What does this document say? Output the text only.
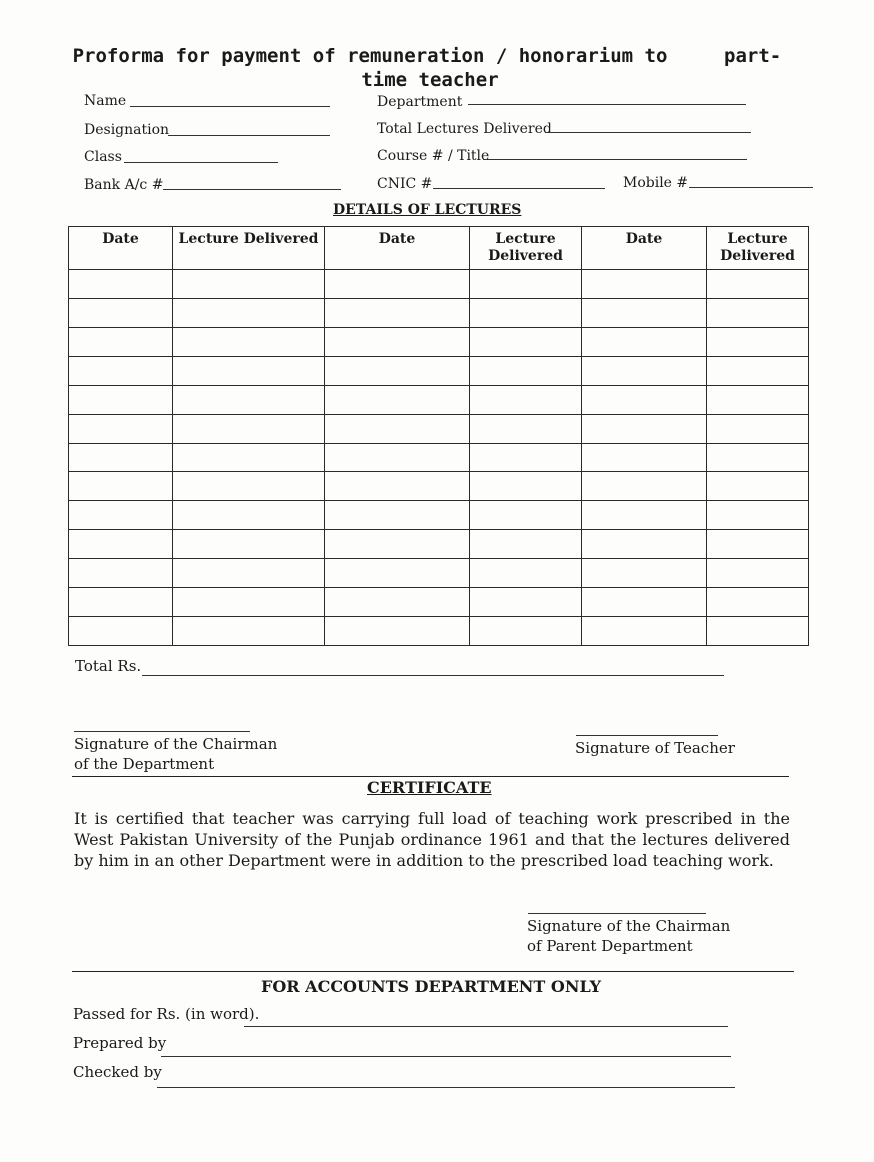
Proforma for payment of remuneration / honorarium to	part-
time teacher
Name	Department
Designation	Total Lectures Delivered
Class	Course # / Title
Bank A/c #	CNIC #	Mobile #
DETAILS OF LECTURES
Date	Lecture Delivered	Date	Lecture Delivered	Date	Lecture Delivered

Total Rs.
Signature of the Chairman
of the Department
Signature of Teacher
CERTIFICATE
It is certified that teacher was carrying full load of teaching work prescribed in the West Pakistan University of the Punjab ordinance 1961 and that the lectures delivered by him in an other Department were in addition to the prescribed load teaching work.
Signature of the Chairman
of Parent Department
FOR ACCOUNTS DEPARTMENT ONLY
Passed for Rs. (in word).
Prepared by
Checked by
